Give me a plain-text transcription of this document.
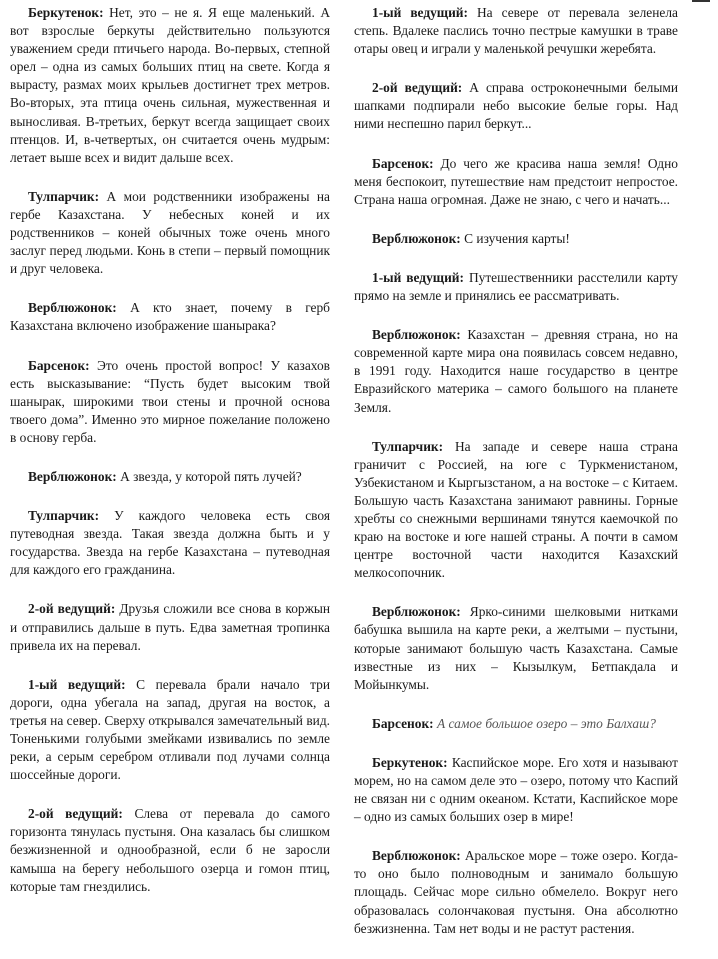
Беркутенок: Нет, это – не я. Я еще маленький. А вот взрослые беркуты действительно пользуются уважением среди птичьего народа. Во-первых, степной орел – одна из самых больших птиц на свете. Когда я вырасту, размах моих крыльев достигнет трех метров. Во-вторых, эта птица очень сильная, мужественная и выносливая. В-третьих, беркут всегда защищает своих птенцов. И, в-четвертых, он считается очень мудрым: летает выше всех и видит дальше всех.

Тулпарчик: А мои родственники изображены на гербе Казахстана. У небесных коней и их родственников – коней обычных тоже очень много заслуг перед людьми. Конь в степи – первый помощник и друг человека.

Верблюжонок: А кто знает, почему в герб Казахстана включено изображение шанырака?

Барсенок: Это очень простой вопрос! У казахов есть высказывание: “Пусть будет высоким твой шанырак, широкими твои стены и прочной основа твоего дома”. Именно это мирное пожелание положено в основу герба.

Верблюжонок: А звезда, у которой пять лучей?

Тулпарчик: У каждого человека есть своя путеводная звезда. Такая звезда должна быть и у государства. Звезда на гербе Казахстана – путеводная для каждого его гражданина.

2-ой ведущий: Друзья сложили все снова в коржын и отправились дальше в путь. Едва заметная тропинка привела их на перевал.

1-ый ведущий: С перевала брали начало три дороги, одна убегала на запад, другая на восток, а третья на север. Сверху открывался замечательный вид. Тоненькими голубыми змейками извивались по земле реки, а серым серебром отливали под лучами солнца шоссейные дороги.

2-ой ведущий: Слева от перевала до самого горизонта тянулась пустыня. Она казалась бы слишком безжизненной и однообразной, если б не заросли камыша на берегу небольшого озерца и гомон птиц, которые там гнездились.

1-ый ведущий: На севере от перевала зеленела степь. Вдалеке паслись точно пестрые камушки в траве отары овец и играли у маленькой речушки жеребята.

2-ой ведущий: А справа остроконечными белыми шапками подпирали небо высокие белые горы. Над ними неспешно парил беркут...

Барсенок: До чего же красива наша земля! Одно меня беспокоит, путешествие нам предстоит непростое. Страна наша огромная. Даже не знаю, с чего и начать...

Верблюжонок: С изучения карты!

1-ый ведущий: Путешественники расстелили карту прямо на земле и принялись ее рассматривать.

Верблюжонок: Казахстан – древняя страна, но на современной карте мира она появилась совсем недавно, в 1991 году. Находится наше государство в центре Евразийского материка – самого большого на планете Земля.

Тулпарчик: На западе и севере наша страна граничит с Россией, на юге с Туркменистаном, Узбекистаном и Кыргызстаном, а на востоке – с Китаем. Большую часть Казахстана занимают равнины. Горные хребты со снежными вершинами тянутся каемочкой по краю на востоке и юге нашей страны. А почти в самом центре восточной части находится Казахский мелкосопочник.

Верблюжонок: Ярко-синими шелковыми нитками бабушка вышила на карте реки, а желтыми – пустыни, которые занимают большую часть Казахстана. Самые известные из них – Кызылкум, Бетпакдала и Мойынкумы.

Барсенок: А самое большое озеро – это Балхаш?

Беркутенок: Каспийское море. Его хотя и называют морем, но на самом деле это – озеро, потому что Каспий не связан ни с одним океаном. Кстати, Каспийское море – одно из самых больших озер в мире!

Верблюжонок: Аральское море – тоже озеро. Когда-то оно было полноводным и занимало большую площадь. Сейчас море сильно обмелело. Вокруг него образовалась солончаковая пустыня. Она абсолютно безжизненна. Там нет воды и не растут растения.
